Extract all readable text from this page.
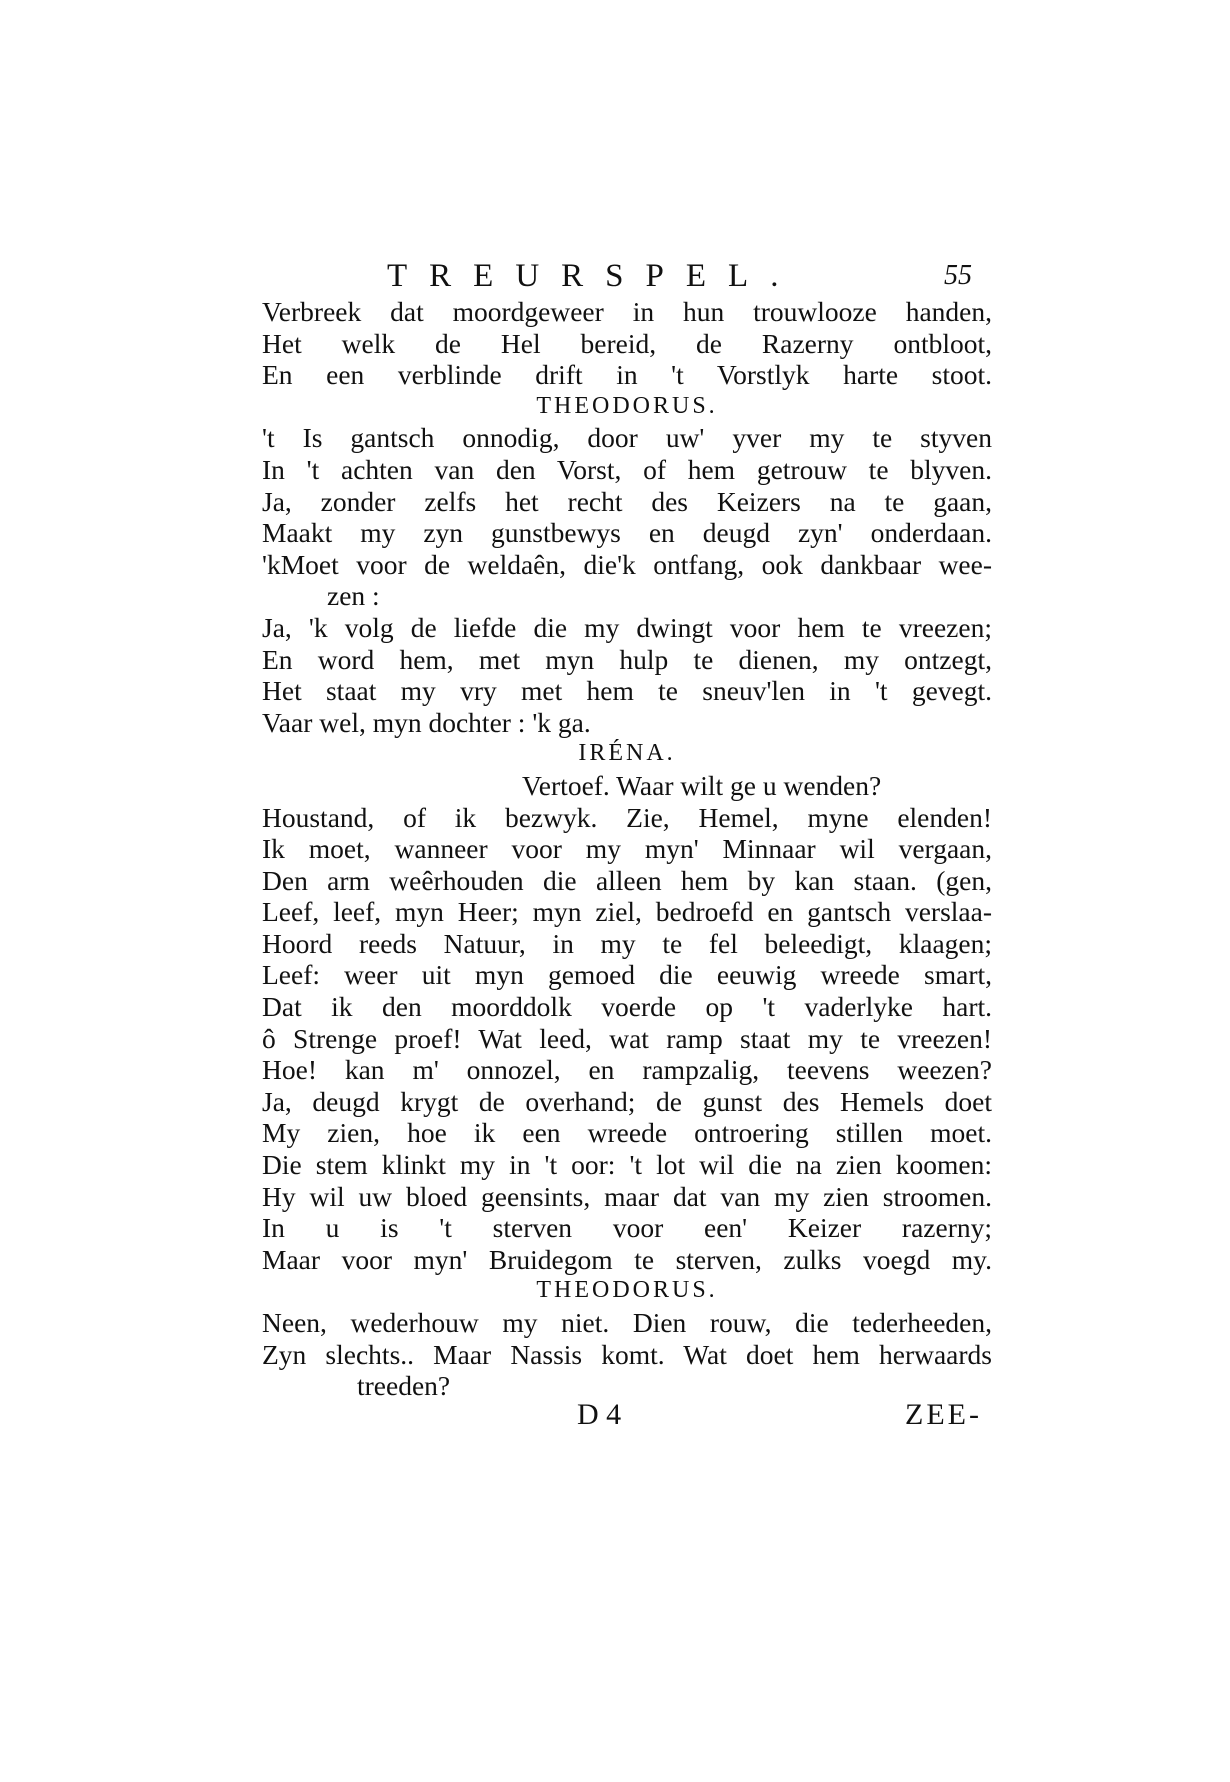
TREURSPEL.	55
Verbreek dat moordgeweer in hun trouwlooze handen,
Het welk de Hel bereid, de Razerny ontbloot,
En een verblinde drift in 't Vorstlyk harte stoot.
THEODORUS.
't Is gantsch onnodig, door uw' yver my te styven
In 't achten van den Vorst, of hem getrouw te blyven.
Ja, zonder zelfs het recht des Keizers na te gaan,
Maakt my zyn gunstbewys en deugd zyn' onderdaan.
'kMoet voor de weldaên, die'k ontfang, ook dankbaar wee-
zen :
Ja, 'k volg de liefde die my dwingt voor hem te vreezen;
En word hem, met myn hulp te dienen, my ontzegt,
Het staat my vry met hem te sneuv'len in 't gevegt.
Vaar wel, myn dochter : 'k ga.
IRÉNA.
Vertoef. Waar wilt ge u wenden?
Houstand, of ik bezwyk. Zie, Hemel, myne elenden!
Ik moet, wanneer voor my myn' Minnaar wil vergaan,
Den arm weêrhouden die alleen hem by kan staan. (gen,
Leef, leef, myn Heer; myn ziel, bedroefd en gantsch verslaa-
Hoord reeds Natuur, in my te fel beleedigt, klaagen;
Leef: weer uit myn gemoed die eeuwig wreede smart,
Dat ik den moorddolk voerde op 't vaderlyke hart.
ô Strenge proef! Wat leed, wat ramp staat my te vreezen!
Hoe! kan m' onnozel, en rampzalig, teevens weezen?
Ja, deugd krygt de overhand; de gunst des Hemels doet
My zien, hoe ik een wreede ontroering stillen moet.
Die stem klinkt my in 't oor: 't lot wil die na zien koomen:
Hy wil uw bloed geensints, maar dat van my zien stroomen.
In u is 't sterven voor een' Keizer razerny;
Maar voor myn' Bruidegom te sterven, zulks voegd my.
THEODORUS.
Neen, wederhouw my niet. Dien rouw, die tederheeden,
Zyn slechts.. Maar Nassis komt. Wat doet hem herwaards
treeden?
D 4	ZEE-
